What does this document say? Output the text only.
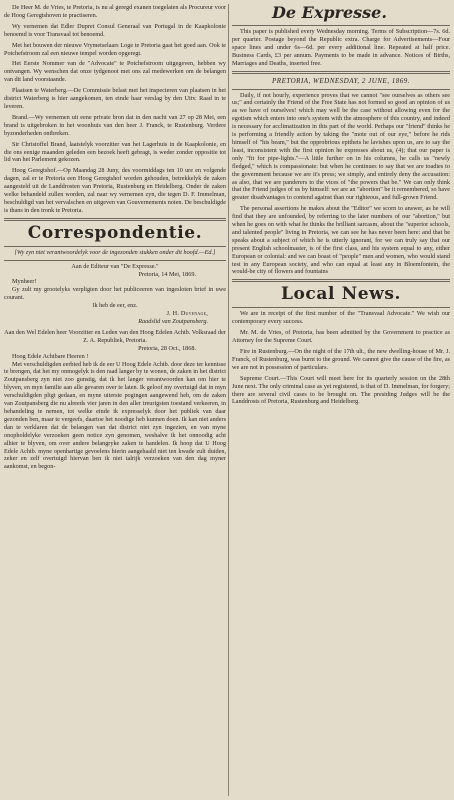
De Heer M. de Vries, te Pretoria, is nu al geregd exanen toegelaten als Procureur voor de Hoog Geregtshoven te practiseren.

Wy vernemen dat Edler Dupret Consul Generaal van Portugal in de Kaapkolonie benoemd is voor Transvaal tot benoemd.

Met het bouwen der nieuwe Vrymetselaars Loge te Pretoria gaat het goed aan. Ook te Potchefstroom zal een nieuwe tempel worden opgeregt.

Het Eerste Nommer van de "Advocate" te Potchefstroom uitgegeven, hebben wy ontvangen. Wy wenschen dat onze tydgenoot met ons zal medewerken om de belangen van dit land voorstaande.

Plaatsen te Waterberg.—De Commissie belast met het inspecteren van plaatsen in het district Waterberg is hier aangekomen, ten einde haar verslag by den Uitv. Raad in te leveren.

Brand.—Wy vernemen uit eene private bron dat in den nacht van 27 op 28 Mei, een brand is uitgebroken in het woonhuis van den heer J. Franck, te Rustenburg. Verdere byzonderheden ontbreken.

Sir Christoffel Brand, laatstelyk voorzitter van het Lagerhuis in de Kaapkolonie, en die ons eenige maanden geleden een bezoek heeft gebragt, is weder zonder oppositie tot lid van het Parlement gekozen.

Hoog Geregtshof.—Op Maandag 28 Juny, des voormiddags ten 10 ure en volgende dagen, zal er te Pretoria een Hoog Geregtshof worden gehouden, betrekkelyk de zaken aangesteld uit de Landdrosten van Pretoria, Rustenburg en Heidelberg. Onder de zaken welke behandeld zullen worden, zal naar wy vernemen zyn, die tegen D. F. Immelman, beschuldigd van het vervalschen en uitgeven van Gouvernements noten. De beschuldigde is thans in den tronk te Pretoria.

Correspondentie.

[Wy zyn niet verantwoordelyk voor de ingezonden stukken onder dit hoofd.—Ed.]

Aan de Editeur van "De Expresse."

Pretoria, 14 Mei, 1869.

Mynheer!

Gy zult my grootelyks verpligten door het publiceeren van ingesloten brief in uwe courant.

Ik heb de eer, enz.

J. H. Duvenage,

Raadslid van Zoutpansberg.

Aan den Wel Edelen heer Voorzitter en Leden van den Hoog Edelen Achtb. Volksraad der Z. A. Republiek, Pretoria.

Pretoria, 28 Oct., 1868.

Hoog Edele Achtbare Heeren !

Met verschuldigden eerbied heb ik de eer U Hoog Edele Achtb. door deze ter kennisse te brengen, dat het my onmogelyk is den raad langer by te wonen, de zaken in het district Zoutpansberg zyn niet zoo gunstig, dat ik het langer verantwoorden kan om hier te blyven, en myn familie aan alle gevaren over te laten. Ik geloof my overtuigd dat in myn verschuldigden pligt gedaan, en myne uiterste pogingen aangewend heb, om de zaken van Zoutpansberg die nu alreeds vier jaren in den aller treurigsten toestand verkeeren, in behandeling te nemen, tot welke einde ik expresselyk door het publiek van daar gezonden ben, maar te vergeefs, daartoe het noodige heb kunnen doen. Ik kan niet anders dan te verklaren dat de belangen van dat district niet zyn ingezien, en van myne onopholdelyke verzoeken geen notice zyn genomen, weshalve ik het onnoodig acht alhier te blyven, om over andere belangryke zaken te handelen. Ik hoop dat U Hoog Edele Achtb. myne openhartige gevoelens hierin aangehaald niet ten kwade zult duiden, zeker en zelf overtuigd hiervan ben ik niet talrijk verzoeken van den dag myner aankomst, en begon-

De Expresse.

This paper is published every Wednesday morning. Terms of Subscription—7s. 6d. per quarter. Postage beyond the Republic extra. Charge for Advertisements—Four space lines and under 6s—6d. per every additional line. Repeated at half price. Business Cards, £3 per annum. Payments to be made in advance. Notices of Births, Marriages and Deaths, inserted free.

PRETORIA, WEDNESDAY, 2 JUNE, 1869.

Daily, if not hourly, experience proves that we cannot "see ourselves as others see us;" and certainly the Friend of the Free State has not formed so good an opinion of us as we have of ourselves! which may well be the case without allowing even for the egotism which enters into one's system with the atmosphere of this country, and indeed is necessary for acclimatization in this part of the world. Perhaps our "friend" thinks he is performing a friendly action by taking the "mote out of our eye," before he rids himself of "his beam," but the opprobrious epithets he lavishes upon us, are to say the least, inconsistent with the first opinion he expresses about us, (4); that our paper is only "fit for pipe-lights."—A little further on in his columns, he calls us "newly fledged," which is compassionate: but when he continues to say that we are toadies to the government because we are it's press; we simply, and entirely deny the accusation: as also, that we are panderers to the vices of "the powers that be." We can only think that the Friend judges of us by himself: we are an "abortion" be it remembered, so have greater disadvantages to contend against than our righteous, and full-grown Friend.

The personal assertions he makes about the "Editor" we scorn to answer, as he will find that they are unfounded, by referring to the later numbers of our "abortion," but when he goes on with what he thinks the brilliant sarcasm, about the "superior schools, and talented people" living in Pretoria, we can see he has never been here: and that he speaks about a subject of which he is utterly ignorant, for we can truly say that our present English schoolmaster, is of the first class, and his system equal to any, either European or colonial: and we can boast of "people" men and women, who would stand test in any European society, and who can equal at least any in Bloemfontein, the would-be city of flowers and fountains

Local News.

We are in receipt of the first number of the "Transvaal Advocate." We wish our contemporary every success.

Mr. M. de Vries, of Pretoria, has been admitted by the Government to practice as Attorney for the Supreme Court.

Fire in Rustenburg.—On the night of the 17th ult., the new dwelling-house of Mr. J. Franck, of Rustenburg, was burnt to the ground. We cannot give the cause of the fire, as we are not in possession of particulars.

Supreme Court.—This Court will meet here for its quarterly session on the 28th June next. The only criminal case as yet registered, is that of D. Immelman, for forgery; there are several civil cases to be brought on. The presiding Judges will be the Landdrosts of Pretoria, Rustenburg and Heidelberg.
